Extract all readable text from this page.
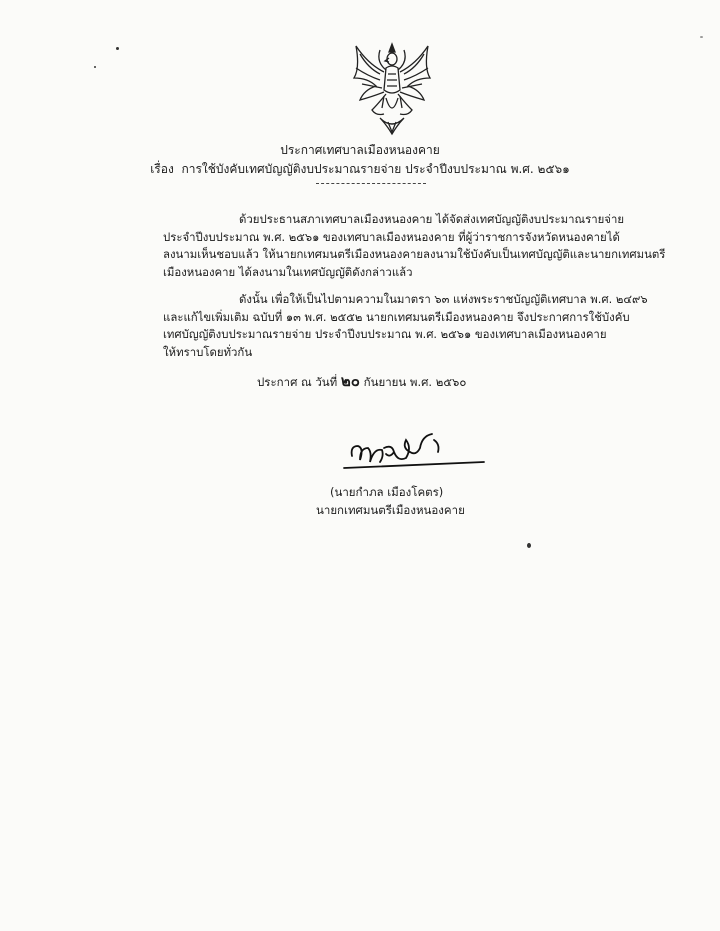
ประกาศเทศบาลเมืองหนองคาย
เรื่อง การใช้บังคับเทศบัญญัติงบประมาณรายจ่าย ประจำปีงบประมาณ พ.ศ. ๒๕๖๑
ด้วยประธานสภาเทศบาลเมืองหนองคาย ได้จัดส่งเทศบัญญัติงบประมาณรายจ่าย
ประจำปีงบประมาณ พ.ศ. ๒๕๖๑ ของเทศบาลเมืองหนองคาย ที่ผู้ว่าราชการจังหวัดหนองคายได้
ลงนามเห็นชอบแล้ว ให้นายกเทศมนตรีเมืองหนองคายลงนามใช้บังคับเป็นเทศบัญญัติและนายกเทศมนตรี
เมืองหนองคาย ได้ลงนามในเทศบัญญัติดังกล่าวแล้ว
ดังนั้น เพื่อให้เป็นไปตามความในมาตรา ๖๓ แห่งพระราชบัญญัติเทศบาล พ.ศ. ๒๔๙๖
และแก้ไขเพิ่มเติม ฉบับที่ ๑๓ พ.ศ. ๒๕๕๒ นายกเทศมนตรีเมืองหนองคาย จึงประกาศการใช้บังคับ
เทศบัญญัติงบประมาณรายจ่าย ประจำปีงบประมาณ พ.ศ. ๒๕๖๑ ของเทศบาลเมืองหนองคาย
ให้ทราบโดยทั่วกัน
ประกาศ ณ วันที่ ๒๐ กันยายน พ.ศ. ๒๕๖๐
(นายกำภล เมืองโคตร)
นายกเทศมนตรีเมืองหนองคาย
